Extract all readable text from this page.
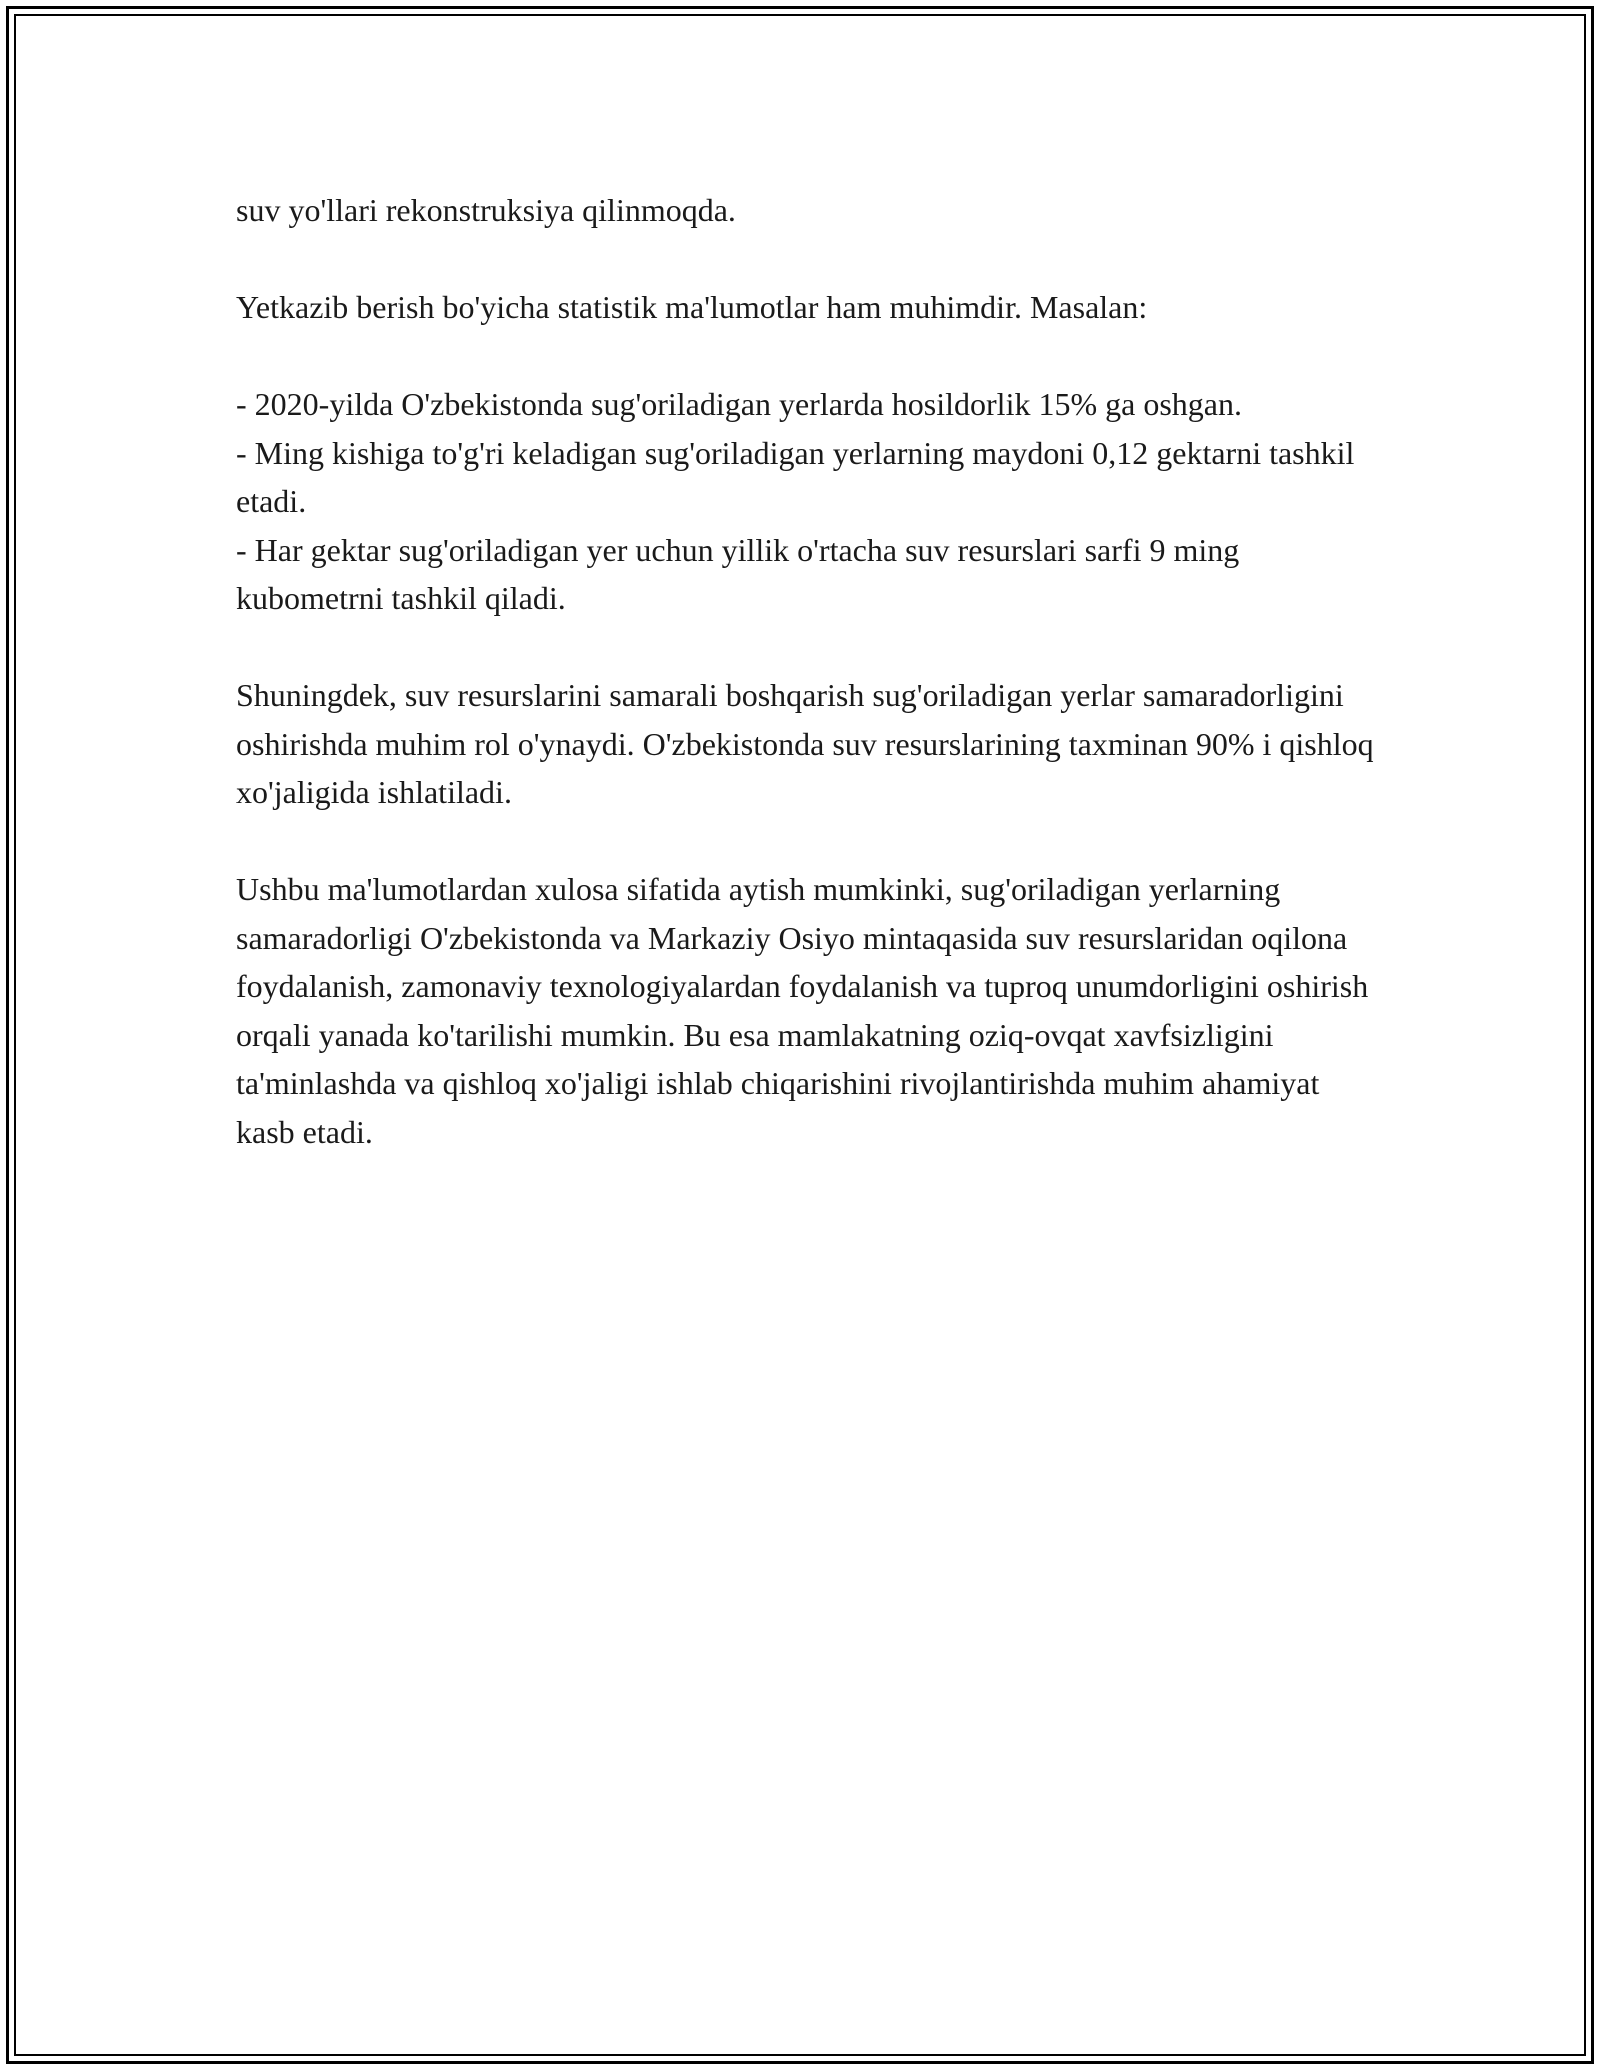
suv yo'llari rekonstruksiya qilinmoqda.

Yetkazib berish bo'yicha statistik ma'lumotlar ham muhimdir. Masalan:

- 2020-yilda O'zbekistonda sug'oriladigan yerlarda hosildorlik 15% ga oshgan.
- Ming kishiga to'g'ri keladigan sug'oriladigan yerlarning maydoni 0,12 gektarni tashkil etadi.
- Har gektar sug'oriladigan yer uchun yillik o'rtacha suv resurslari sarfi 9 ming kubometrni tashkil qiladi.

Shuningdek, suv resurslarini samarali boshqarish sug'oriladigan yerlar samaradorligini oshirishda muhim rol o'ynaydi. O'zbekistonda suv resurslarining taxminan 90% i qishloq xo'jaligida ishlatiladi.

Ushbu ma'lumotlardan xulosa sifatida aytish mumkinki, sug'oriladigan yerlarning samaradorligi O'zbekistonda va Markaziy Osiyo mintaqasida suv resurslaridan oqilona foydalanish, zamonaviy texnologiyalardan foydalanish va tuproq unumdorligini oshirish orqali yanada ko'tarilishi mumkin. Bu esa mamlakatning oziq-ovqat xavfsizligini ta'minlashda va qishloq xo'jaligi ishlab chiqarishini rivojlantirishda muhim ahamiyat kasb etadi.
